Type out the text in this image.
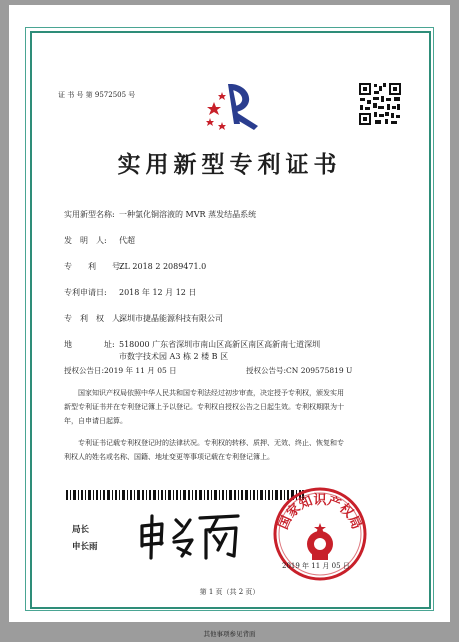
证 书 号 第 9572505 号
实用新型专利证书
实用新型名称: 一种氯化铜溶液的 MVR 蒸发结晶系统
发　明　人: 代超
专　　利　　号:
ZL 2018 2 2089471.0
专利申请日: 2018 年 12 月 12 日
专　利　权　人:
深圳市捷晶能源科技有限公司
地　　　　址: 518000 广东省深圳市南山区高新区南区高新南七道深圳
市数字技术园 A3 栋 2 楼 B 区
授权公告日:2019 年 11 月 05 日	授权公告号:CN 209575819 U
国家知识产权局依照中华人民共和国专利法经过初步审查，决定授予专利权，颁发实用
新型专利证书并在专利登记簿上予以登记。专利权自授权公告之日起生效。专利权期限为十
年，自申请日起算。
专利证书记载专利权登记时的法律状况。专利权的转移、质押、无效、终止、恢复和专
利权人的姓名或名称、国籍、地址变更等事项记载在专利登记簿上。
局长
申长雨
国家知识产权局
2019 年 11 月 05 日
第 1 页（共 2 页）
其他事项参见背面
